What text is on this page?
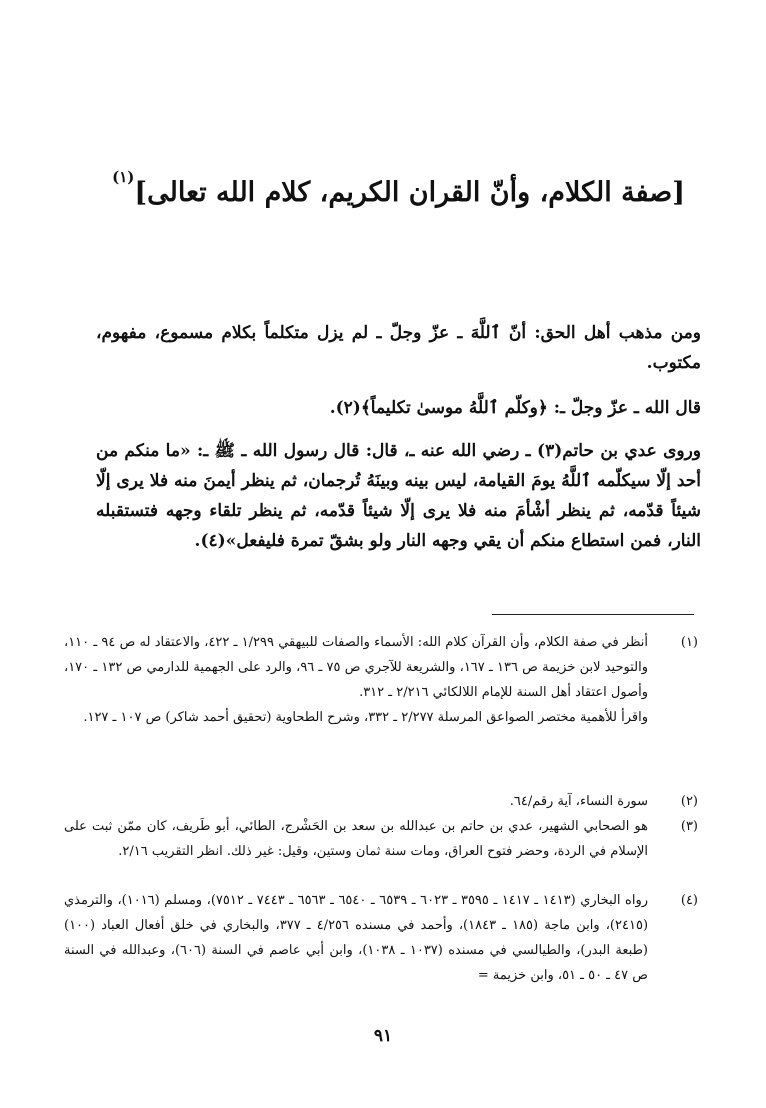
[صفة الكلام، وأنّ القران الكريم، كلام الله تعالى]$^{(١)}$
ومن مذهب أهل الحق: أنّ ٱللَّهَ ـ عزّ وجلّ ـ لم يزل متكلماً بكلام مسموع، مفهوم، مكتوب.
قال الله ـ عزّ وجلّ ـ: ﴿وكلّم ٱللَّهُ موسىٰ تكليماً﴾(٢).
وروى عدي بن حاتم(٣) ـ رضي الله عنه ـ، قال: قال رسول الله ـ ﷺ ـ: «ما منكم من أحد إلّا سيكلّمه ٱللَّهُ يومَ القيامة، ليس بينه وبينَهُ تُرجمان، ثم ينظر أيمنَ منه فلا يرى إلّا شيئاً قدّمه، ثم ينظر أشْأمَ منه فلا يرى إلّا شيئاً قدّمه، ثم ينظر تلقاء وجهه فتستقبله النار، فمن استطاع منكم أن يقي وجهه النار ولو بشقّ تمرة فليفعل»(٤).
(١)
أنظر في صفة الكلام، وأن القرآن كلام الله: الأسماء والصفات للبيهقي ١/٢٩٩ ـ ٤٢٢، والاعتقاد له ص ٩٤ ـ ١١٠، والتوحيد لابن خزيمة ص ١٣٦ ـ ١٦٧، والشريعة للآجري ص ٧٥ ـ ٩٦، والرد على الجهمية للدارمي ص ١٣٢ ـ ١٧٠، وأصول اعتقاد أهل السنة للإمام اللالكائي ٢/٢١٦ ـ ٣١٢.
واقرأ للأهمية مختصر الصواعق المرسلة ٢/٢٧٧ ـ ٣٣٢، وشرح الطحاوية (تحقيق أحمد شاكر) ص ١٠٧ ـ ١٢٧.
(٢)
سورة النساء، آية رقم/٦٤.
(٣)
هو الصحابي الشهير، عدي بن حاتم بن عبدالله بن سعد بن الحَشْرج، الطائي، أبو طَريف، كان ممّن ثبت على الإسلام في الردة، وحضر فتوح العراق، ومات سنة ثمان وستين، وقيل: غير ذلك. انظر التقريب ٢/١٦.
(٤)
رواه البخاري (١٤١٣ ـ ١٤١٧ ـ ٣٥٩٥ ـ ٦٠٢٣ ـ ٦٥٣٩ ـ ٦٥٤٠ ـ ٦٥٦٣ ـ ٧٤٤٣ ـ ٧٥١٢)، ومسلم (١٠١٦)، والترمذي (٢٤١٥)، وابن ماجة (١٨٥ ـ ١٨٤٣)، وأحمد في مسنده ٤/٢٥٦ ـ ٣٧٧، والبخاري في خلق أفعال العباد (١٠٠) (طبعة البدر)، والطيالسي في مسنده (١٠٣٧ ـ ١٠٣٨)، وابن أبي عاصم في السنة (٦٠٦)، وعبدالله في السنة ص ٤٧ ـ ٥٠ ـ ٥١، وابن خزيمة =
٩١
